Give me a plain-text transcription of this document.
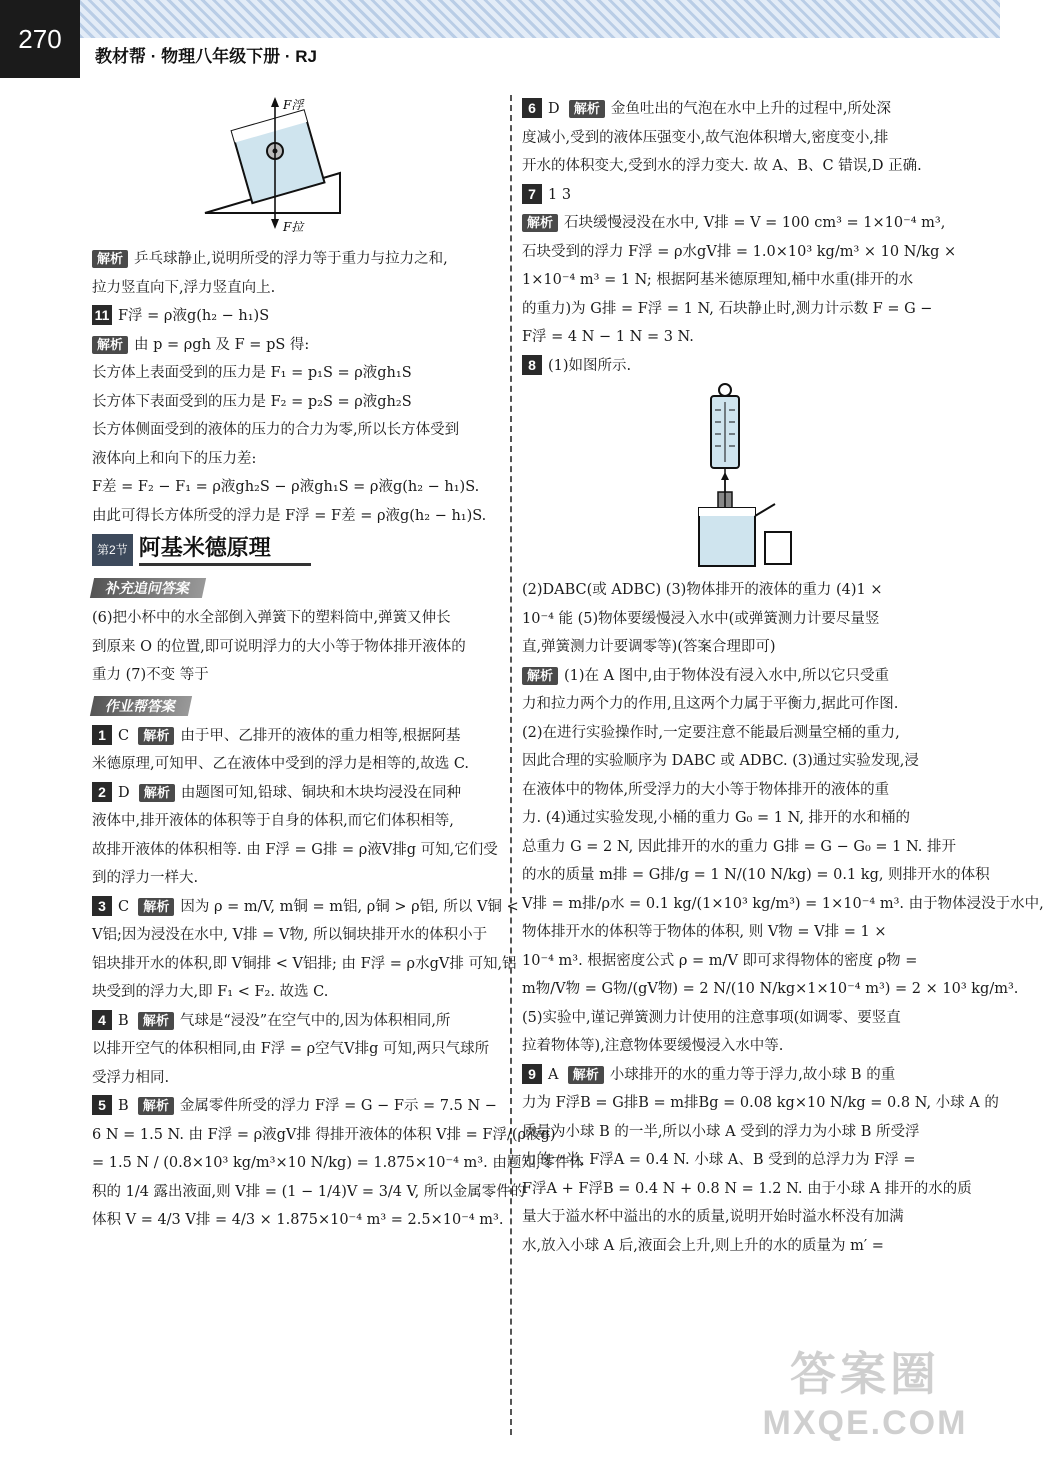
270
教材帮 · 物理八年级下册 · RJ
F浮
F拉
解析 乒乓球静止,说明所受的浮力等于重力与拉力之和,
拉力竖直向下,浮力竖直向上.
11 F浮 = ρ液g(h₂ − h₁)S
解析 由 p = ρgh 及 F = pS 得:
长方体上表面受到的压力是 F₁ = p₁S = ρ液gh₁S
长方体下表面受到的压力是 F₂ = p₂S = ρ液gh₂S
长方体侧面受到的液体的压力的合力为零,所以长方体受到
液体向上和向下的压力差:
F差 = F₂ − F₁ = ρ液gh₂S − ρ液gh₁S = ρ液g(h₂ − h₁)S.
由此可得长方体所受的浮力是 F浮 = F差 = ρ液g(h₂ − h₁)S.
第2节 阿基米德原理
补充追问答案
(6)把小杯中的水全部倒入弹簧下的塑料筒中,弹簧又伸长
到原来 O 的位置,即可说明浮力的大小等于物体排开液体的
重力 (7)不变 等于
作业帮答案
1 C 解析 由于甲、乙排开的液体的重力相等,根据阿基
米德原理,可知甲、乙在液体中受到的浮力是相等的,故选 C.
2 D 解析 由题图可知,铅球、铜块和木块均浸没在同种
液体中,排开液体的体积等于自身的体积,而它们体积相等,
故排开液体的体积相等. 由 F浮 = G排 = ρ液V排g 可知,它们受
到的浮力一样大.
3 C 解析 因为 ρ = m/V, m铜 = m铝, ρ铜 > ρ铝, 所以 V铜 <
V铝;因为浸没在水中, V排 = V物, 所以铜块排开水的体积小于
铝块排开水的体积,即 V铜排 < V铝排; 由 F浮 = ρ水gV排 可知,铝
块受到的浮力大,即 F₁ < F₂. 故选 C.
4 B 解析 气球是“浸没”在空气中的,因为体积相同,所
以排开空气的体积相同,由 F浮 = ρ空气V排g 可知,两只气球所
受浮力相同.
5 B 解析 金属零件所受的浮力 F浮 = G − F示 = 7.5 N −
6 N = 1.5 N. 由 F浮 = ρ液gV排 得排开液体的体积 V排 = F浮/(ρ液g)
= 1.5 N / (0.8×10³ kg/m³×10 N/kg) = 1.875×10⁻⁴ m³. 由题知,零件体
积的 1/4 露出液面,则 V排 = (1 − 1/4)V = 3/4 V, 所以金属零件的
体积 V = 4/3 V排 = 4/3 × 1.875×10⁻⁴ m³ = 2.5×10⁻⁴ m³.
6 D 解析 金鱼吐出的气泡在水中上升的过程中,所处深
度减小,受到的液体压强变小,故气泡体积增大,密度变小,排
开水的体积变大,受到水的浮力变大. 故 A、B、C 错误,D 正确.
7 1 3
解析 石块缓慢浸没在水中, V排 = V = 100 cm³ = 1×10⁻⁴ m³,
石块受到的浮力 F浮 = ρ水gV排 = 1.0×10³ kg/m³ × 10 N/kg ×
1×10⁻⁴ m³ = 1 N; 根据阿基米德原理知,桶中水重(排开的水
的重力)为 G排 = F浮 = 1 N, 石块静止时,测力计示数 F = G −
F浮 = 4 N − 1 N = 3 N.
8 (1)如图所示.
(2)DABC(或 ADBC) (3)物体排开的液体的重力 (4)1 ×
10⁻⁴ 能 (5)物体要缓慢浸入水中(或弹簧测力计要尽量竖
直,弹簧测力计要调零等)(答案合理即可)
解析 (1)在 A 图中,由于物体没有浸入水中,所以它只受重
力和拉力两个力的作用,且这两个力属于平衡力,据此可作图.
(2)在进行实验操作时,一定要注意不能最后测量空桶的重力,
因此合理的实验顺序为 DABC 或 ADBC. (3)通过实验发现,浸
在液体中的物体,所受浮力的大小等于物体排开的液体的重
力. (4)通过实验发现,小桶的重力 G₀ = 1 N, 排开的水和桶的
总重力 G = 2 N, 因此排开的水的重力 G排 = G − G₀ = 1 N. 排开
的水的质量 m排 = G排/g = 1 N/(10 N/kg) = 0.1 kg, 则排开水的体积
V排 = m排/ρ水 = 0.1 kg/(1×10³ kg/m³) = 1×10⁻⁴ m³. 由于物体浸没于水中,
物体排开水的体积等于物体的体积, 则 V物 = V排 = 1 ×
10⁻⁴ m³. 根据密度公式 ρ = m/V 即可求得物体的密度 ρ物 =
m物/V物 = G物/(gV物) = 2 N/(10 N/kg×1×10⁻⁴ m³) = 2 × 10³ kg/m³.
(5)实验中,谨记弹簧测力计使用的注意事项(如调零、要竖直
拉着物体等),注意物体要缓慢浸入水中等.
9 A 解析 小球排开的水的重力等于浮力,故小球 B 的重
力为 F浮B = G排B = m排Bg = 0.08 kg×10 N/kg = 0.8 N, 小球 A 的
质量为小球 B 的一半,所以小球 A 受到的浮力为小球 B 所受浮
力的一半, F浮A = 0.4 N. 小球 A、B 受到的总浮力为 F浮 =
F浮A + F浮B = 0.4 N + 0.8 N = 1.2 N. 由于小球 A 排开的水的质
量大于溢水杯中溢出的水的质量,说明开始时溢水杯没有加满
水,放入小球 A 后,液面会上升,则上升的水的质量为 m′ =
答案圈
MXQE.COM
